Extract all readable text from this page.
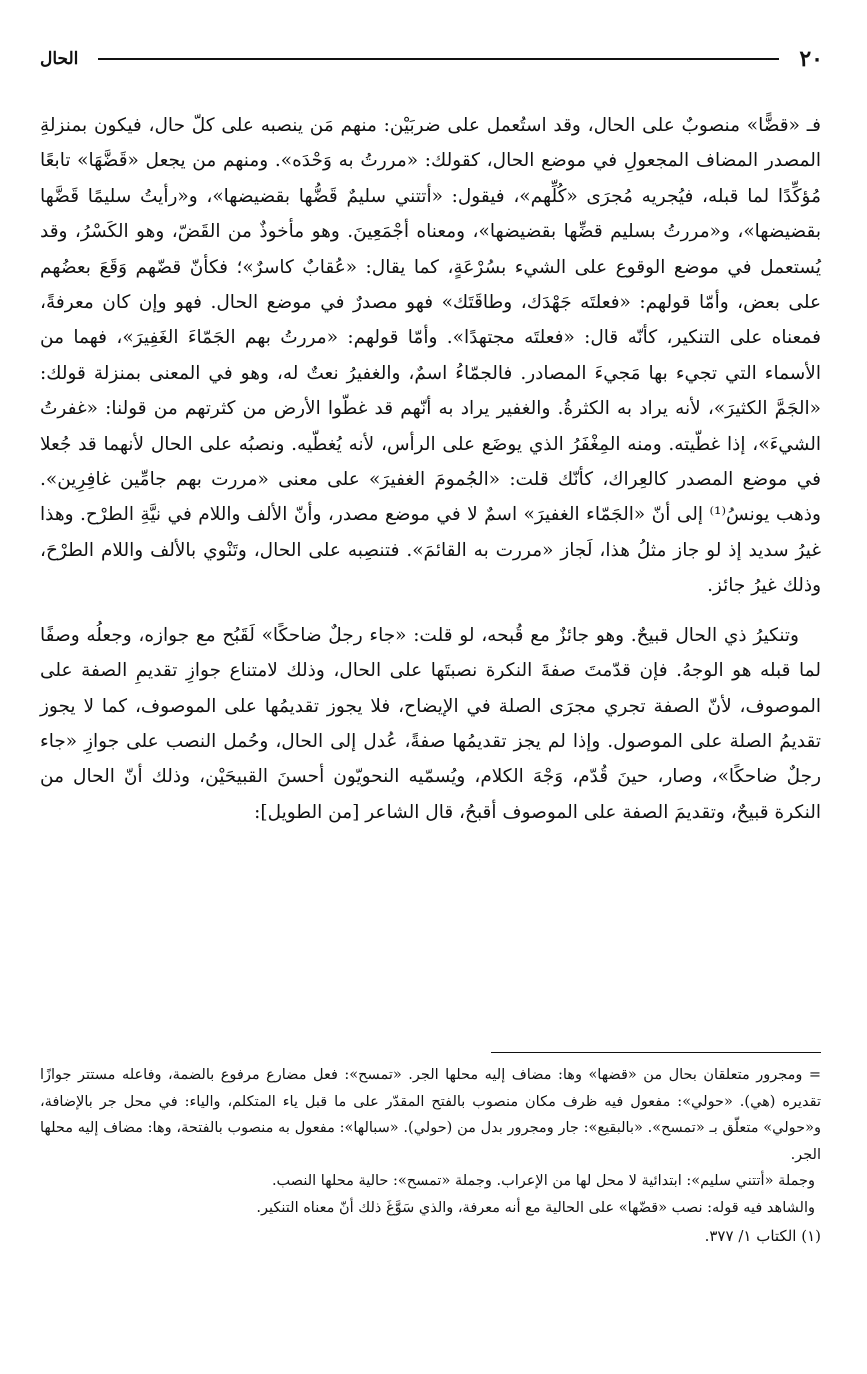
٢٠
الحال

فـ «قضًّا» منصوبٌ على الحال، وقد استُعمل على ضربَيْن: منهم مَن ينصبه على كلّ حال، فيكون بمنزلةِ المصدر المضاف المجعولِ في موضع الحال، كقولك: «مررتُ به وَحْدَه». ومنهم من يجعل «قَضَّهَا» تابعًا مُؤكِّدًا لما قبله، فيُجريه مُجرَى «كُلِّهم»، فيقول: «أتتني سليمٌ قَضُّها بقضيضها»، و«رأيتُ سليمًا قَضَّها بقضيضها»، و«مررتُ بسليم قضِّها بقضيضها»، ومعناه أجْمَعِينَ. وهو مأخوذٌ من القَضّ، وهو الكَسْرُ، وقد يُستعمل في موضع الوقوع على الشيء بسُرْعَةٍ، كما يقال: «عُقابٌ كاسرٌ»؛ فكأنّ قضّهم وَقَعَ بعضُهم على بعض، وأمّا قولهم: «فعلتَه جَهْدَك، وطاقَتَك» فهو مصدرٌ في موضع الحال. فهو وإن كان معرفةً، فمعناه على التنكير، كأنّه قال: «فعلتَه مجتهدًا». وأمّا قولهم: «مررتُ بهم الجَمّاءَ الغَفِيرَ»، فهما من الأسماء التي تجيء بها مَجيءَ المصادر. فالجمّاءُ اسمٌ، والغفيرُ نعتٌ له، وهو في المعنى بمنزلة قولك: «الجَمَّ الكثيرَ»، لأنه يراد به الكثرةُ. والغفير يراد به أنّهم قد غطّوا الأرض من كثرتهم من قولنا: «غفرتُ الشيءَ»، إذا غطّيته. ومنه المِغْفَرُ الذي يوضَع على الرأس، لأنه يُغطّيه. ونصبُه على الحال لأنهما قد جُعلا في موضع المصدر كالعِراك، كأنّك قلت: «الجُمومَ الغفيرَ» على معنى «مررت بهم جامِّين غافِرِين». وذهب يونسُ⁽¹⁾ إلى أنّ «الجَمّاء الغفيرَ» اسمٌ لا في موضع مصدر، وأنّ الألف واللام في نيَّةِ الطرْح. وهذا غيرُ سديد إذ لو جاز مثلُ هذا، لَجاز «مررت به القائمَ». فتنصِبه على الحال، وتَنْوي بالألف واللام الطرْحَ، وذلك غيرُ جائز.

وتنكيرُ ذي الحال قبيحٌ. وهو جائزٌ مع قُبحه، لو قلت: «جاء رجلٌ ضاحكًا» لَقَبُح مع جوازه، وجعلُه وصفًا لما قبله هو الوجهُ. فإن قدّمتَ صفةَ النكرة نصبتَها على الحال، وذلك لامتناع جوازِ تقديمِ الصفة على الموصوف، لأنّ الصفة تجري مجرَى الصلة في الإيضاح، فلا يجوز تقديمُها على الموصوف، كما لا يجوز تقديمُ الصلة على الموصول. وإذا لم يجز تقديمُها صفةً، عُدل إلى الحال، وحُمل النصب على جوازِ «جاء رجلٌ ضاحكًا»، وصار، حينَ قُدّم، وَجْهَ الكلام، ويُسمّيه النحويّون أحسنَ القبيحَيْن، وذلك أنّ الحال من النكرة قبيحٌ، وتقديمَ الصفة على الموصوف أقبحُ، قال الشاعر [من الطويل]:

= ومجرور متعلقان بحال من «قضها» وها: مضاف إليه محلها الجر. «تمسح»: فعل مضارع مرفوع بالضمة، وفاعله مستتر جوازًا تقديره (هي). «حولي»: مفعول فيه ظرف مكان منصوب بالفتح المقدّر على ما قبل ياء المتكلم، والياء: في محل جر بالإضافة، و«حولي» متعلّق بـ «تمسح». «بالبقيع»: جار ومجرور بدل من (حولي). «سبالها»: مفعول به منصوب بالفتحة، وها: مضاف إليه محلها الجر.

وجملة «أتتني سليم»: ابتدائية لا محل لها من الإعراب. وجملة «تمسح»: حالية محلها النصب.

والشاهد فيه قوله: نصب «قضّها» على الحالية مع أنه معرفة، والذي سَوَّغَ ذلك أنّ معناه التنكير.

(١) الكتاب ١/ ٣٧٧.
